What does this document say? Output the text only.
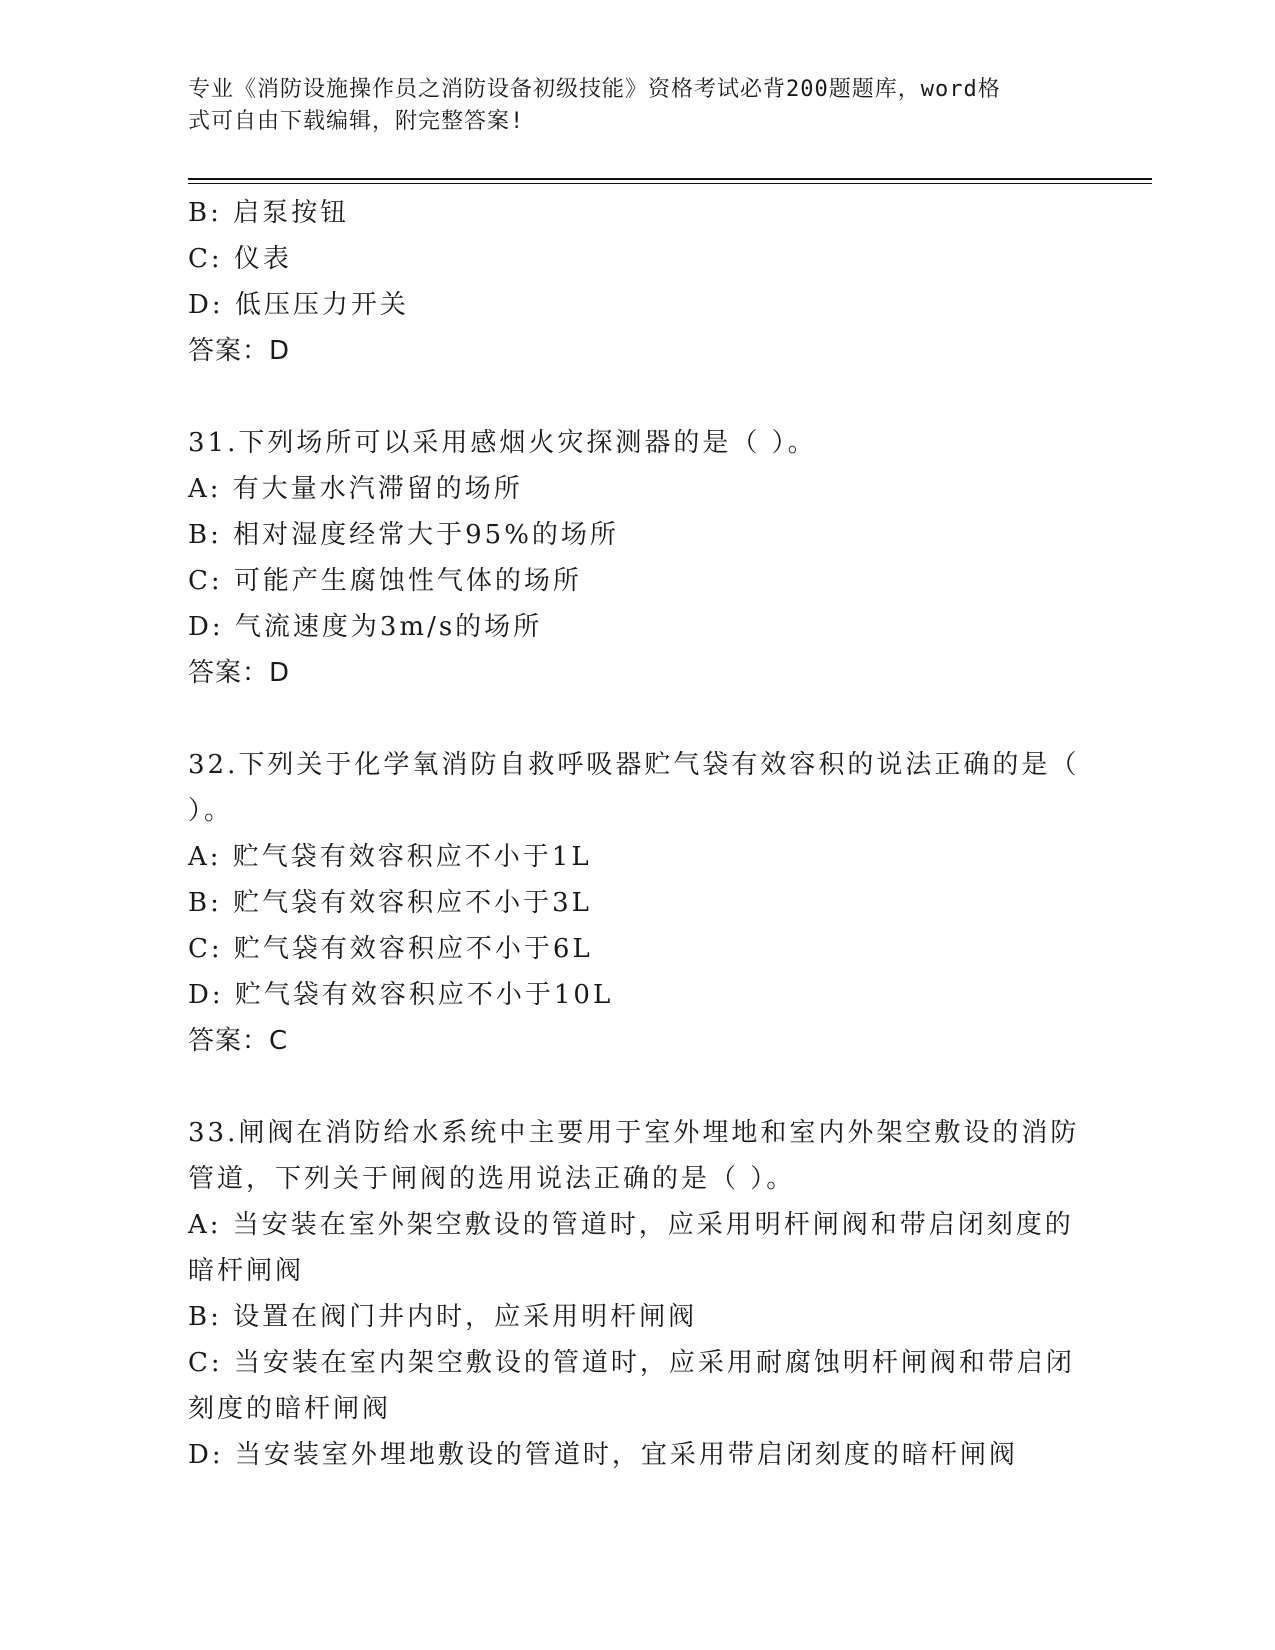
专业《消防设施操作员之消防设备初级技能》资格考试必背200题题库，word格
式可自由下载编辑，附完整答案!
B: 启泵按钮
C: 仪表
D: 低压压力开关
答案：D
31.下列场所可以采用感烟火灾探测器的是（ ）。
A: 有大量水汽滞留的场所
B: 相对湿度经常大于95%的场所
C: 可能产生腐蚀性气体的场所
D: 气流速度为3m/s的场所
答案：D
32.下列关于化学氧消防自救呼吸器贮气袋有效容积的说法正确的是（
）。
A: 贮气袋有效容积应不小于1L
B: 贮气袋有效容积应不小于3L
C: 贮气袋有效容积应不小于6L
D: 贮气袋有效容积应不小于10L
答案：C
33.闸阀在消防给水系统中主要用于室外埋地和室内外架空敷设的消防
管道，下列关于闸阀的选用说法正确的是（ ）。
A: 当安装在室外架空敷设的管道时，应采用明杆闸阀和带启闭刻度的
暗杆闸阀
B: 设置在阀门井内时，应采用明杆闸阀
C: 当安装在室内架空敷设的管道时，应采用耐腐蚀明杆闸阀和带启闭
刻度的暗杆闸阀
D: 当安装室外埋地敷设的管道时，宜采用带启闭刻度的暗杆闸阀
